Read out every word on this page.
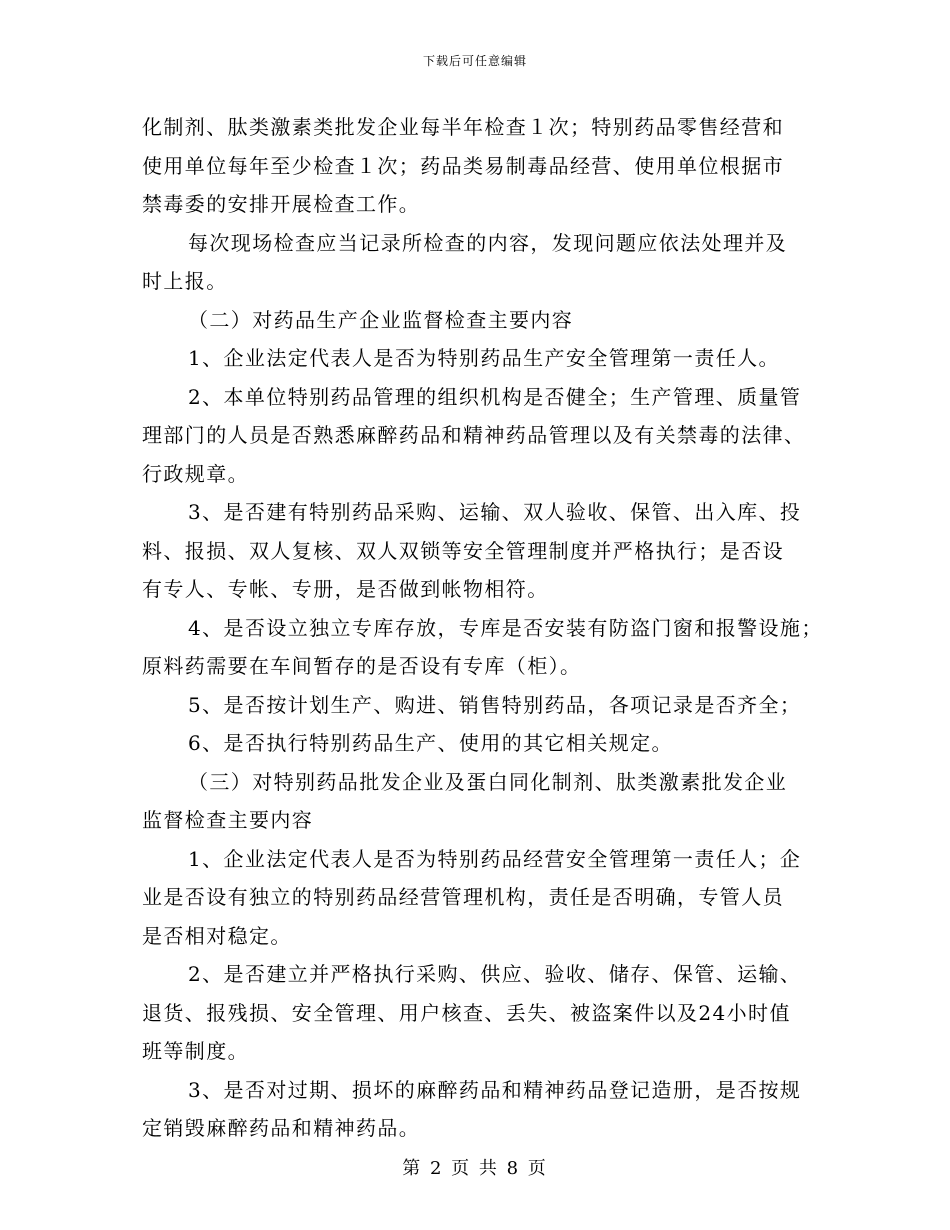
下载后可任意编辑
化制剂、肽类激素类批发企业每半年检查１次；特别药品零售经营和
使用单位每年至少检查１次；药品类易制毒品经营、使用单位根据市
禁毒委的安排开展检查工作。
每次现场检查应当记录所检查的内容，发现问题应依法处理并及
时上报。
（二）对药品生产企业监督检查主要内容
1、企业法定代表人是否为特别药品生产安全管理第一责任人。
2、本单位特别药品管理的组织机构是否健全；生产管理、质量管
理部门的人员是否熟悉麻醉药品和精神药品管理以及有关禁毒的法律、
行政规章。
3、是否建有特别药品采购、运输、双人验收、保管、出入库、投
料、报损、双人复核、双人双锁等安全管理制度并严格执行；是否设
有专人、专帐、专册，是否做到帐物相符。
4、是否设立独立专库存放，专库是否安装有防盗门窗和报警设施；
原料药需要在车间暂存的是否设有专库（柜）。
5、是否按计划生产、购进、销售特别药品，各项记录是否齐全；
6、是否执行特别药品生产、使用的其它相关规定。
（三）对特别药品批发企业及蛋白同化制剂、肽类激素批发企业
监督检查主要内容
1、企业法定代表人是否为特别药品经营安全管理第一责任人；企
业是否设有独立的特别药品经营管理机构，责任是否明确，专管人员
是否相对稳定。
2、是否建立并严格执行采购、供应、验收、储存、保管、运输、
退货、报残损、安全管理、用户核查、丢失、被盗案件以及24小时值
班等制度。
3、是否对过期、损坏的麻醉药品和精神药品登记造册，是否按规
定销毁麻醉药品和精神药品。
第 2 页 共 8 页
